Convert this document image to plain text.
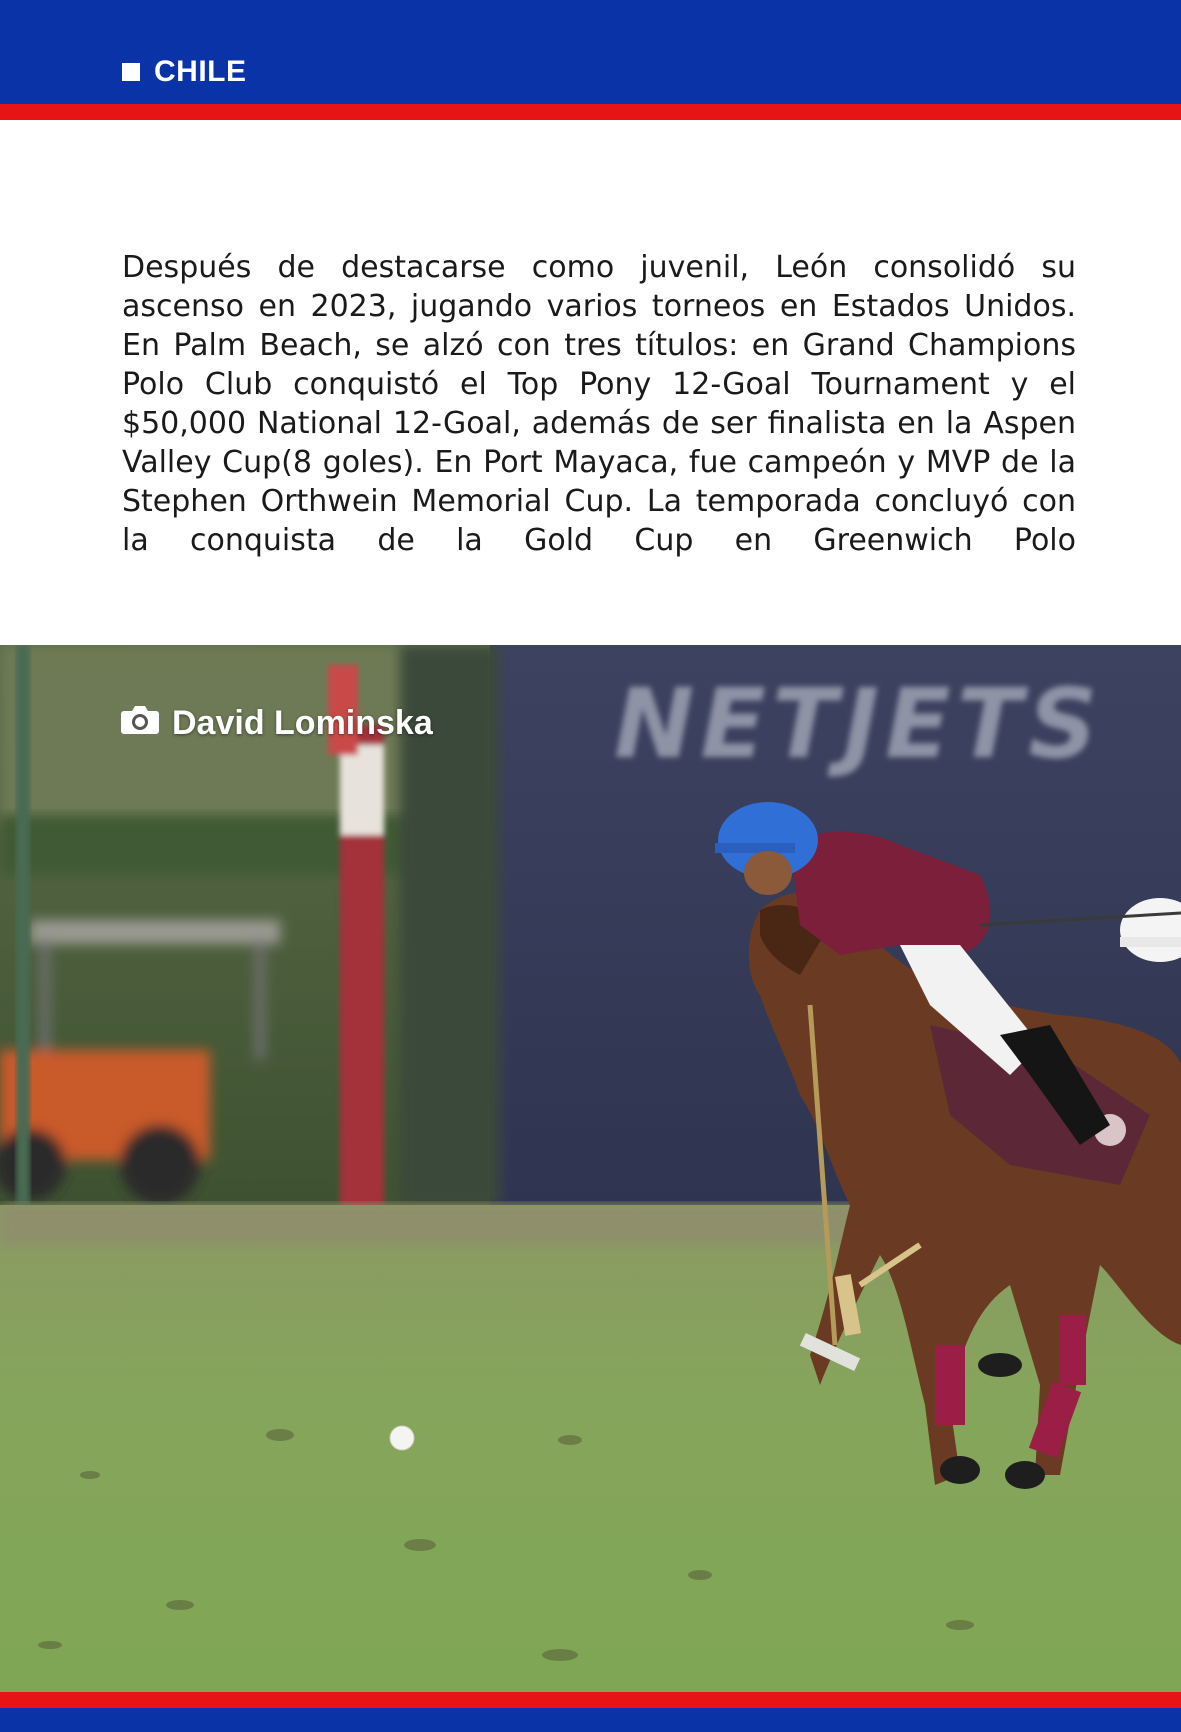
CHILE

Después de destacarse como juvenil, León consolidó su ascenso en 2023, jugando varios torneos en Estados Unidos. En Palm Beach, se alzó con tres títulos: en Grand Champions Polo Club conquistó el Top Pony 12-Goal Tournament y el $50,000 National 12-Goal, además de ser finalista en la Aspen Valley Cup(8 goles). En Port Mayaca, fue campeón y MVP de la Stephen Orthwein Memorial Cup. La temporada concluyó con la conquista de la Gold Cup en Greenwich Polo

NETJETS
David Lominska
